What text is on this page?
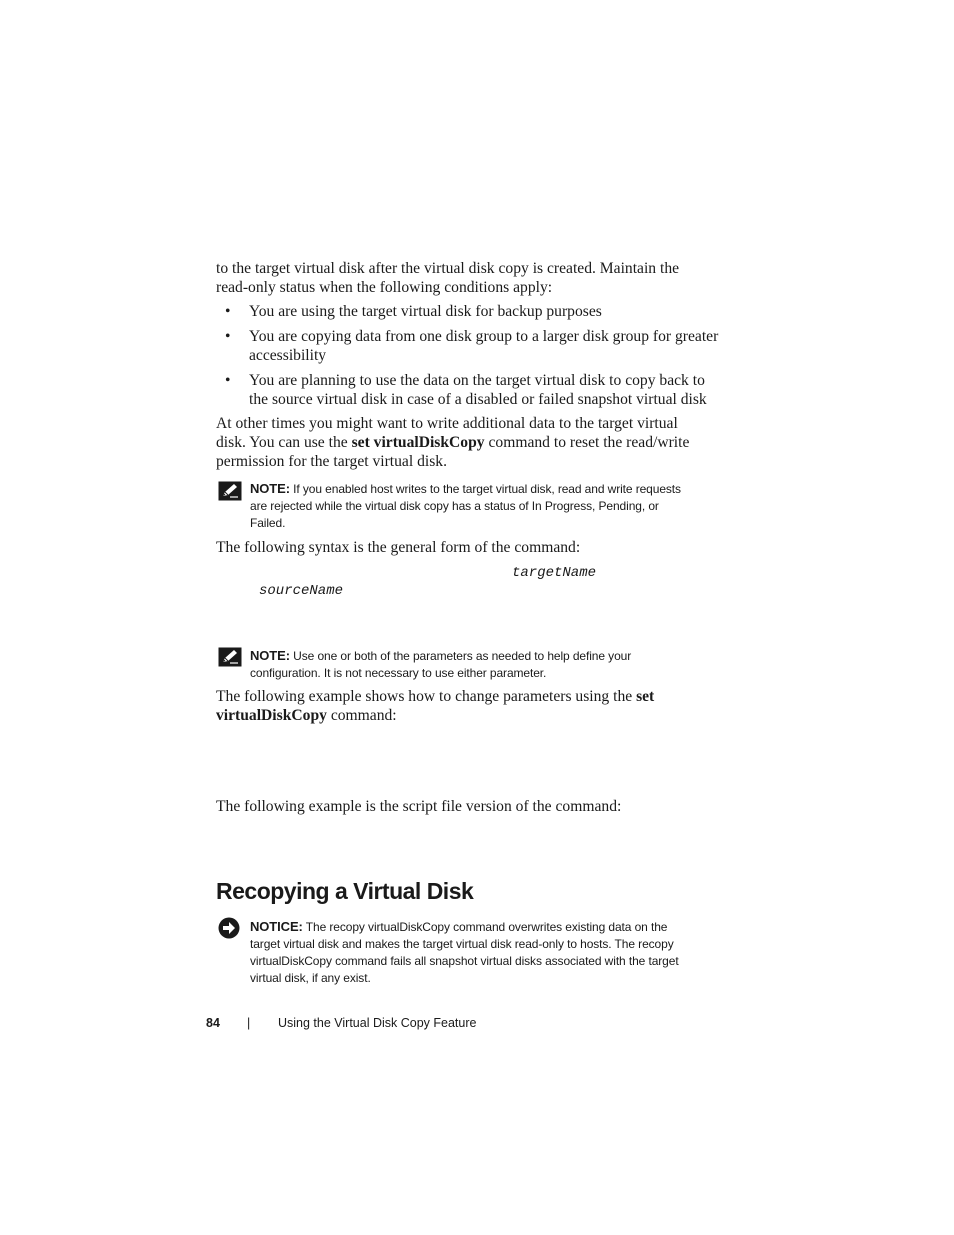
to the target virtual disk after the virtual disk copy is created. Maintain the

read-only status when the following conditions apply:

• You are using the target virtual disk for backup purposes

• You are copying data from one disk group to a larger disk group for greater

accessibility

• You are planning to use the data on the target virtual disk to copy back to

the source virtual disk in case of a disabled or failed snapshot virtual disk

At other times you might want to write additional data to the target virtual

disk. You can use the set virtualDiskCopy command to reset the read/write

permission for the target virtual disk.

NOTE: If you enabled host writes to the target virtual disk, read and write requests

are rejected while the virtual disk copy has a status of In Progress, Pending, or

Failed.

The following syntax is the general form of the command:

targetName
sourceName

NOTE: Use one or both of the parameters as needed to help define your

configuration. It is not necessary to use either parameter.

The following example shows how to change parameters using the set

virtualDiskCopy command:

The following example is the script file version of the command:

Recopying a Virtual Disk

NOTICE: The recopy virtualDiskCopy command overwrites existing data on the

target virtual disk and makes the target virtual disk read-only to hosts. The recopy

virtualDiskCopy command fails all snapshot virtual disks associated with the target

virtual disk, if any exist.

84 | Using the Virtual Disk Copy Feature
